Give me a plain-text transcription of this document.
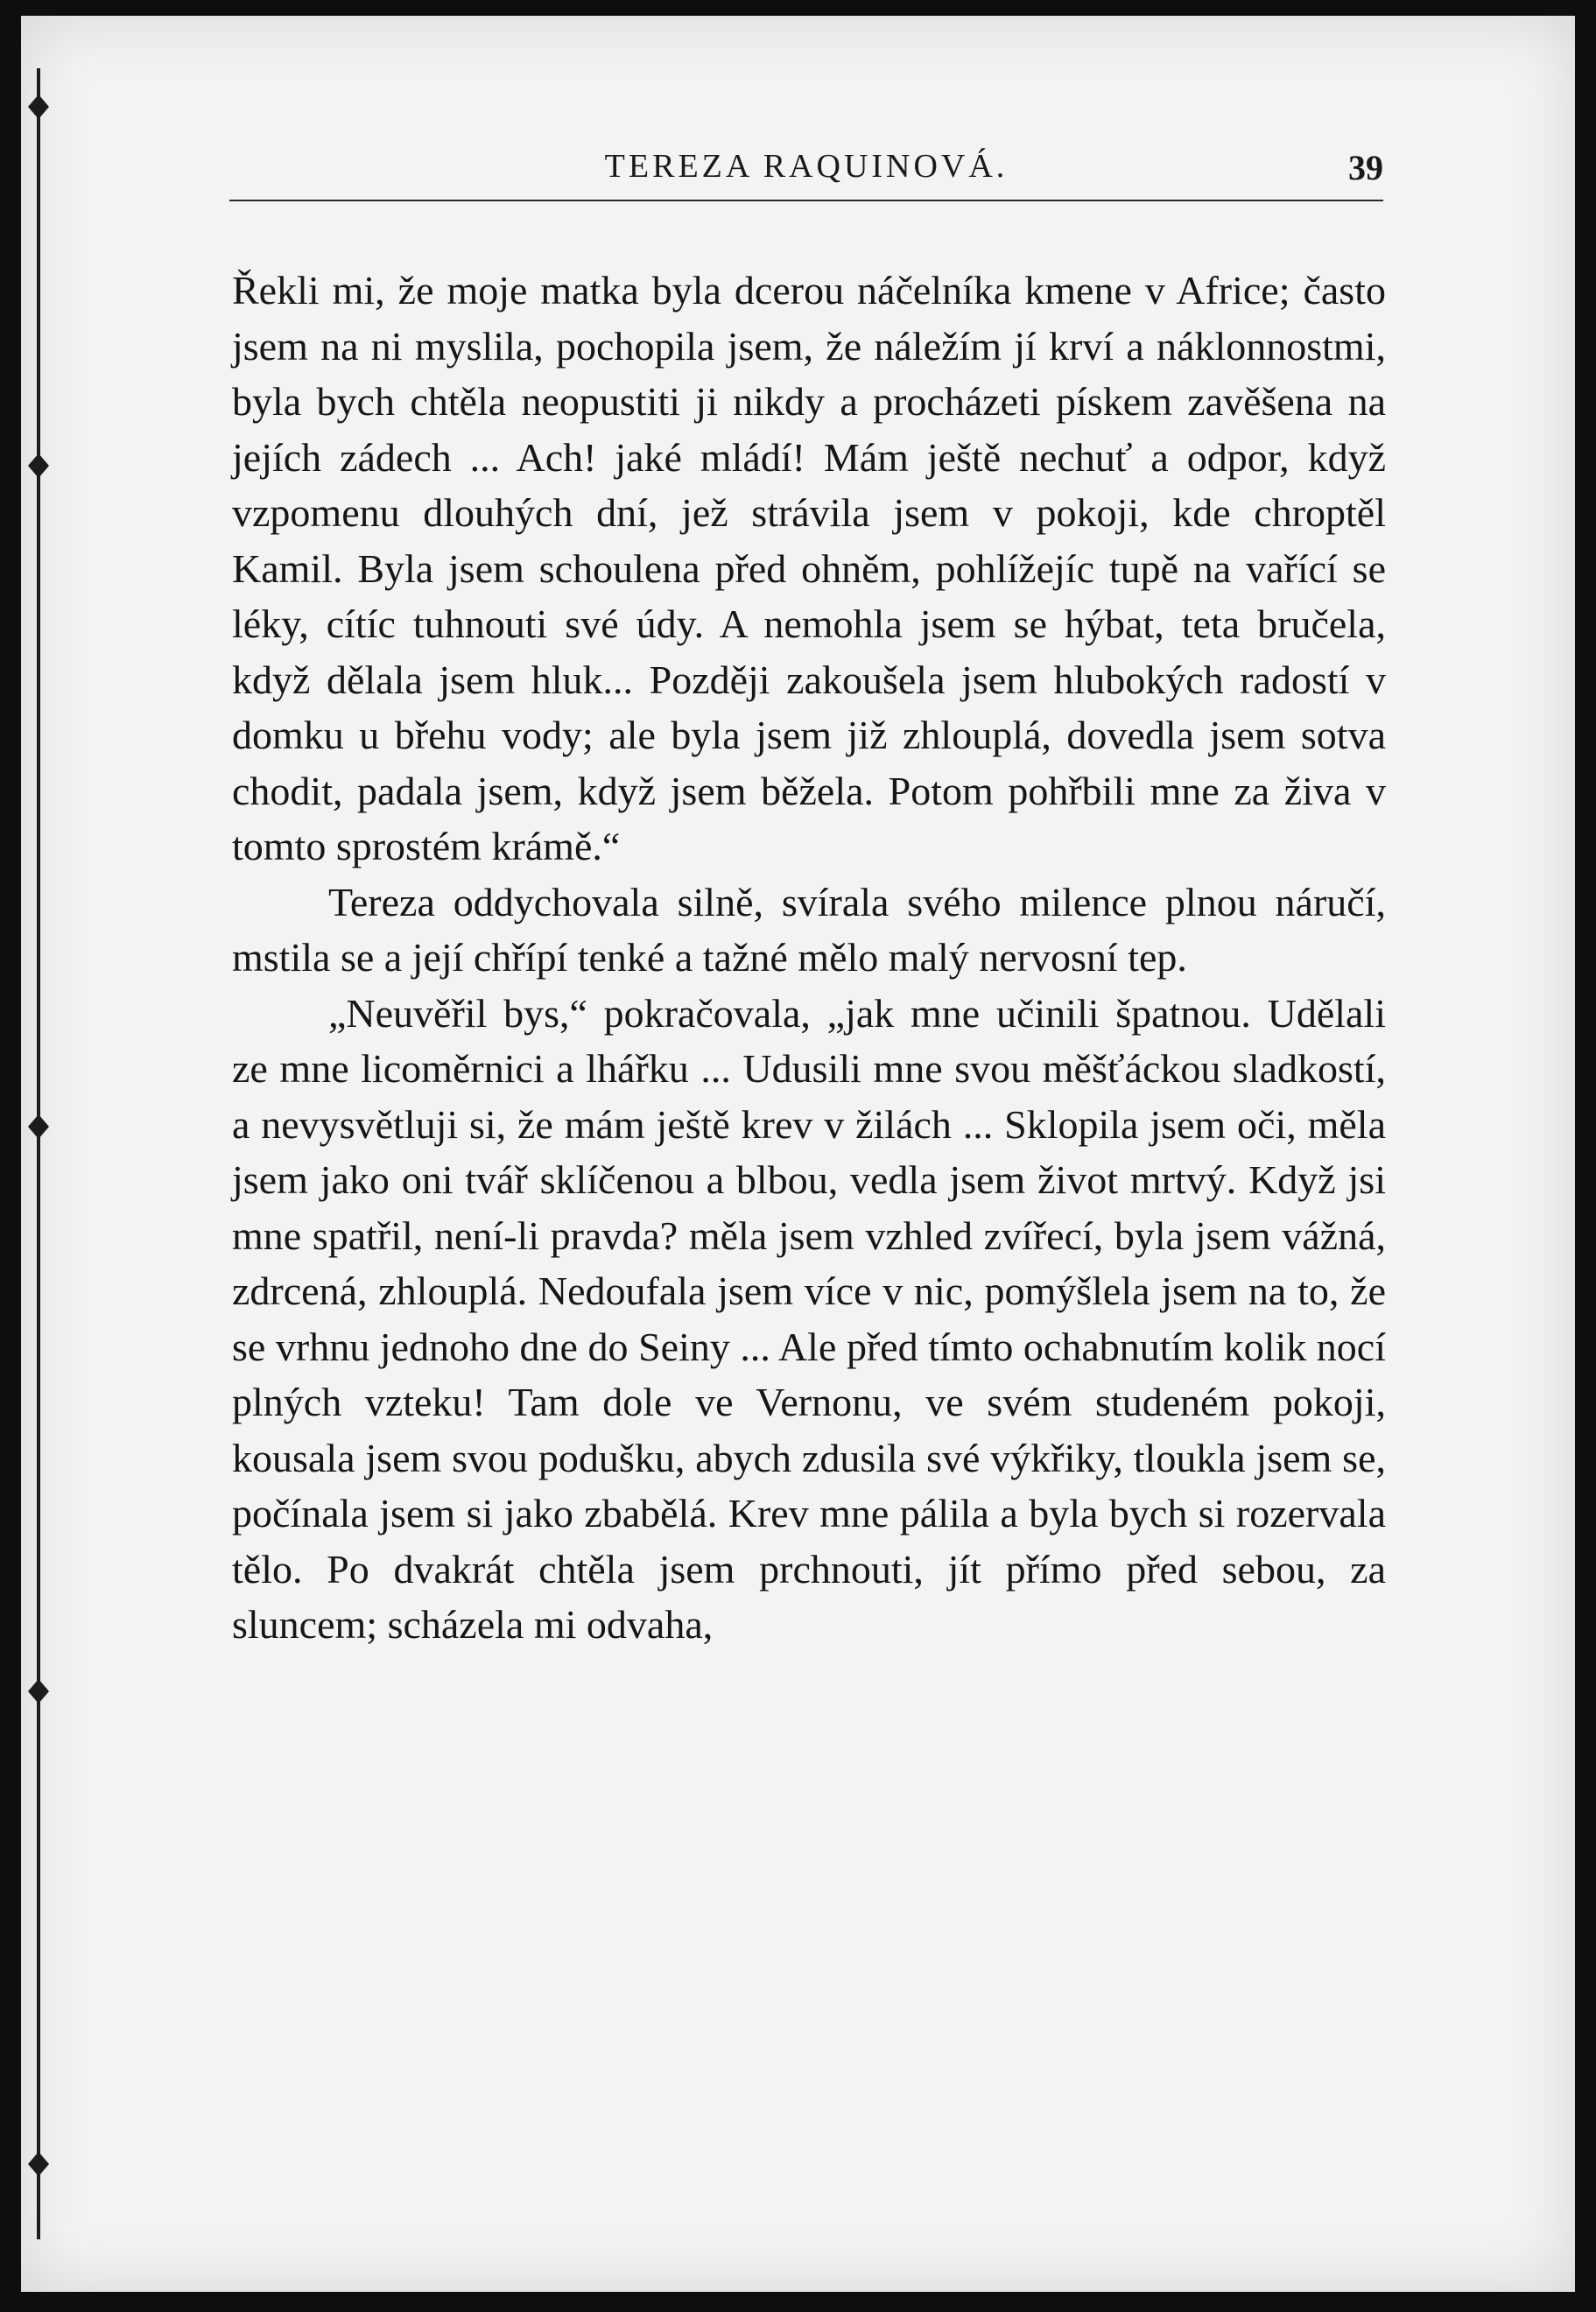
TEREZA RAQUINOVÁ.	39

Řekli mi, že moje matka byla dcerou náčelníka kmene v Africe; často jsem na ni myslila, pochopila jsem, že náležím jí krví a náklonnostmi, byla bych chtěla neopustiti ji nikdy a procházeti pískem zavěšena na jejích zádech ... Ach! jaké mládí! Mám ještě nechuť a odpor, když vzpomenu dlouhých dní, jež strávila jsem v pokoji, kde chroptěl Kamil. Byla jsem schoulena před ohněm, pohlížejíc tupě na vařící se léky, cítíc tuhnouti své údy. A nemohla jsem se hýbat, teta bručela, když dělala jsem hluk... Později zakoušela jsem hlubokých radostí v domku u břehu vody; ale byla jsem již zhlouplá, dovedla jsem sotva chodit, padala jsem, když jsem běžela. Potom pohřbili mne za živa v tomto sprostém krámě.“

Tereza oddychovala silně, svírala svého milence plnou náručí, mstila se a její chřípí tenké a tažné mělo malý nervosní tep.

„Neuvěřil bys,“ pokračovala, „jak mne učinili špatnou. Udělali ze mne licoměrnici a lhářku ... Udusili mne svou měšťáckou sladkostí, a nevysvětluji si, že mám ještě krev v žilách ... Sklopila jsem oči, měla jsem jako oni tvář sklíčenou a blbou, vedla jsem život mrtvý. Když jsi mne spatřil, není-li pravda? měla jsem vzhled zvířecí, byla jsem vážná, zdrcená, zhlouplá. Nedoufala jsem více v nic, pomýšlela jsem na to, že se vrhnu jednoho dne do Seiny ... Ale před tímto ochabnutím kolik nocí plných vzteku! Tam dole ve Vernonu, ve svém studeném pokoji, kousala jsem svou podušku, abych zdusila své výkřiky, tloukla jsem se, počínala jsem si jako zbabělá. Krev mne pálila a byla bych si rozervala tělo. Po dvakrát chtěla jsem prchnouti, jít přímo před sebou, za sluncem; scházela mi odvaha,
